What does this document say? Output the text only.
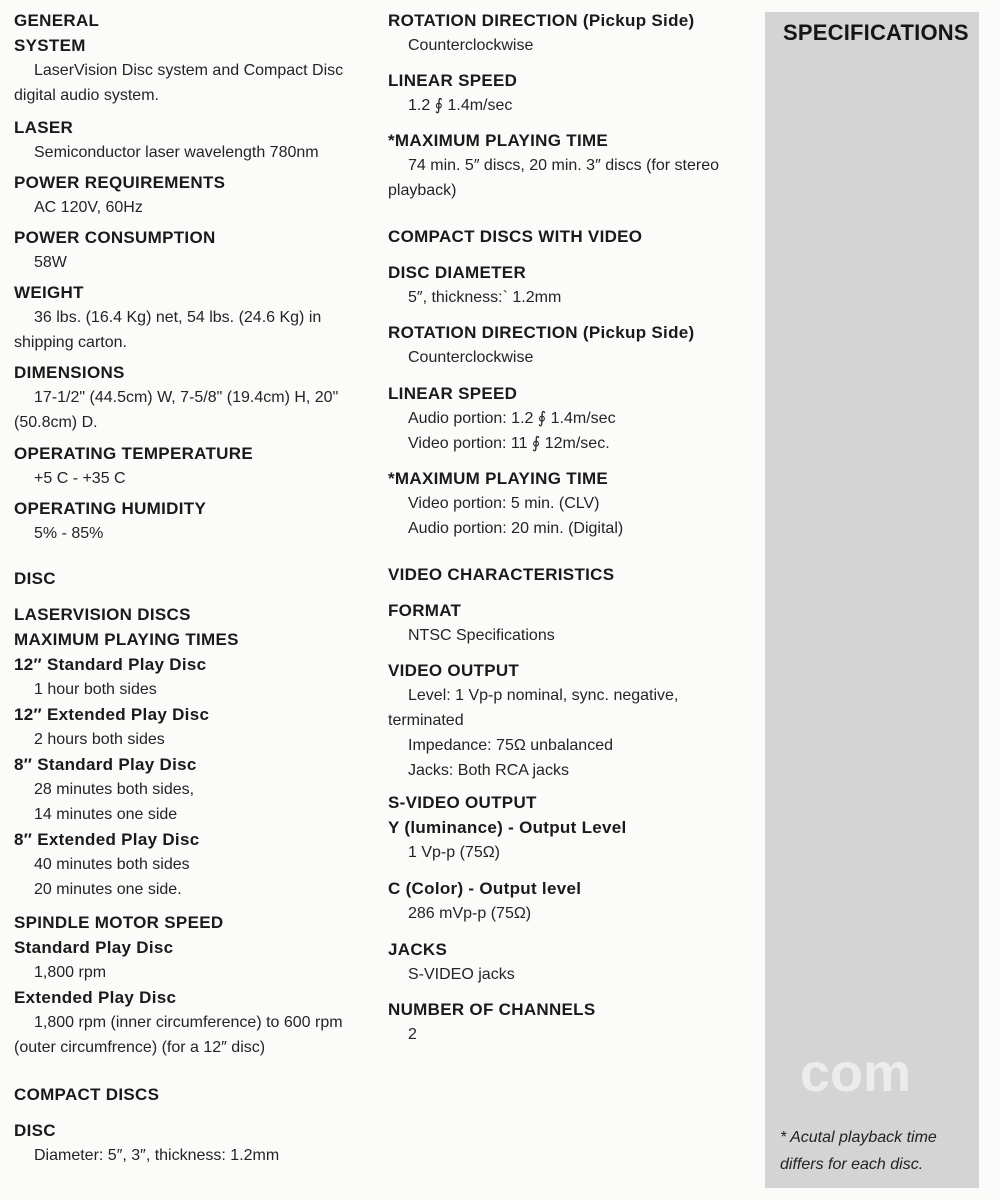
GENERAL

SYSTEM

LaserVision Disc system and Compact Disc digital audio system.

LASER

Semiconductor laser wavelength 780nm

POWER REQUIREMENTS

AC 120V, 60Hz

POWER CONSUMPTION

58W

WEIGHT

36 lbs. (16.4 Kg) net, 54 lbs. (24.6 Kg) in shipping carton.

DIMENSIONS

17-1/2" (44.5cm) W, 7-5/8" (19.4cm) H, 20" (50.8cm) D.

OPERATING TEMPERATURE

+5 C - +35 C

OPERATING HUMIDITY

5% - 85%

DISC

LASERVISION DISCS

MAXIMUM PLAYING TIMES

12″ Standard Play Disc

1 hour both sides

12″ Extended Play Disc

2 hours both sides

8″ Standard Play Disc

28 minutes both sides,

14 minutes one side

8″ Extended Play Disc

40 minutes both sides

20 minutes one side.

SPINDLE MOTOR SPEED

Standard Play Disc

1,800 rpm

Extended Play Disc

1,800 rpm (inner circumference) to 600 rpm (outer circumfrence) (for a 12″ disc)

COMPACT DISCS

DISC

Diameter: 5″, 3″, thickness: 1.2mm

ROTATION DIRECTION (Pickup Side)

Counterclockwise

LINEAR SPEED

1.2 ∮ 1.4m/sec

*MAXIMUM PLAYING TIME

74 min. 5″ discs, 20 min. 3″ discs (for stereo playback)

COMPACT DISCS WITH VIDEO

DISC DIAMETER

5″, thickness:` 1.2mm

ROTATION DIRECTION (Pickup Side)

Counterclockwise

LINEAR SPEED

Audio portion: 1.2 ∮ 1.4m/sec

Video portion: 11 ∮ 12m/sec.

*MAXIMUM PLAYING TIME

Video portion: 5 min. (CLV)

Audio portion: 20 min. (Digital)

VIDEO CHARACTERISTICS

FORMAT

NTSC Specifications

VIDEO OUTPUT

Level: 1 Vp-p nominal, sync. negative, terminated

Impedance: 75Ω unbalanced

Jacks: Both RCA jacks

S-VIDEO OUTPUT

Y (luminance) - Output Level

1 Vp-p (75Ω)

C (Color) - Output level

286 mVp-p (75Ω)

JACKS

S-VIDEO jacks

NUMBER OF CHANNELS

2

SPECIFICATIONS
com

* Acutal playback time differs for each disc.
